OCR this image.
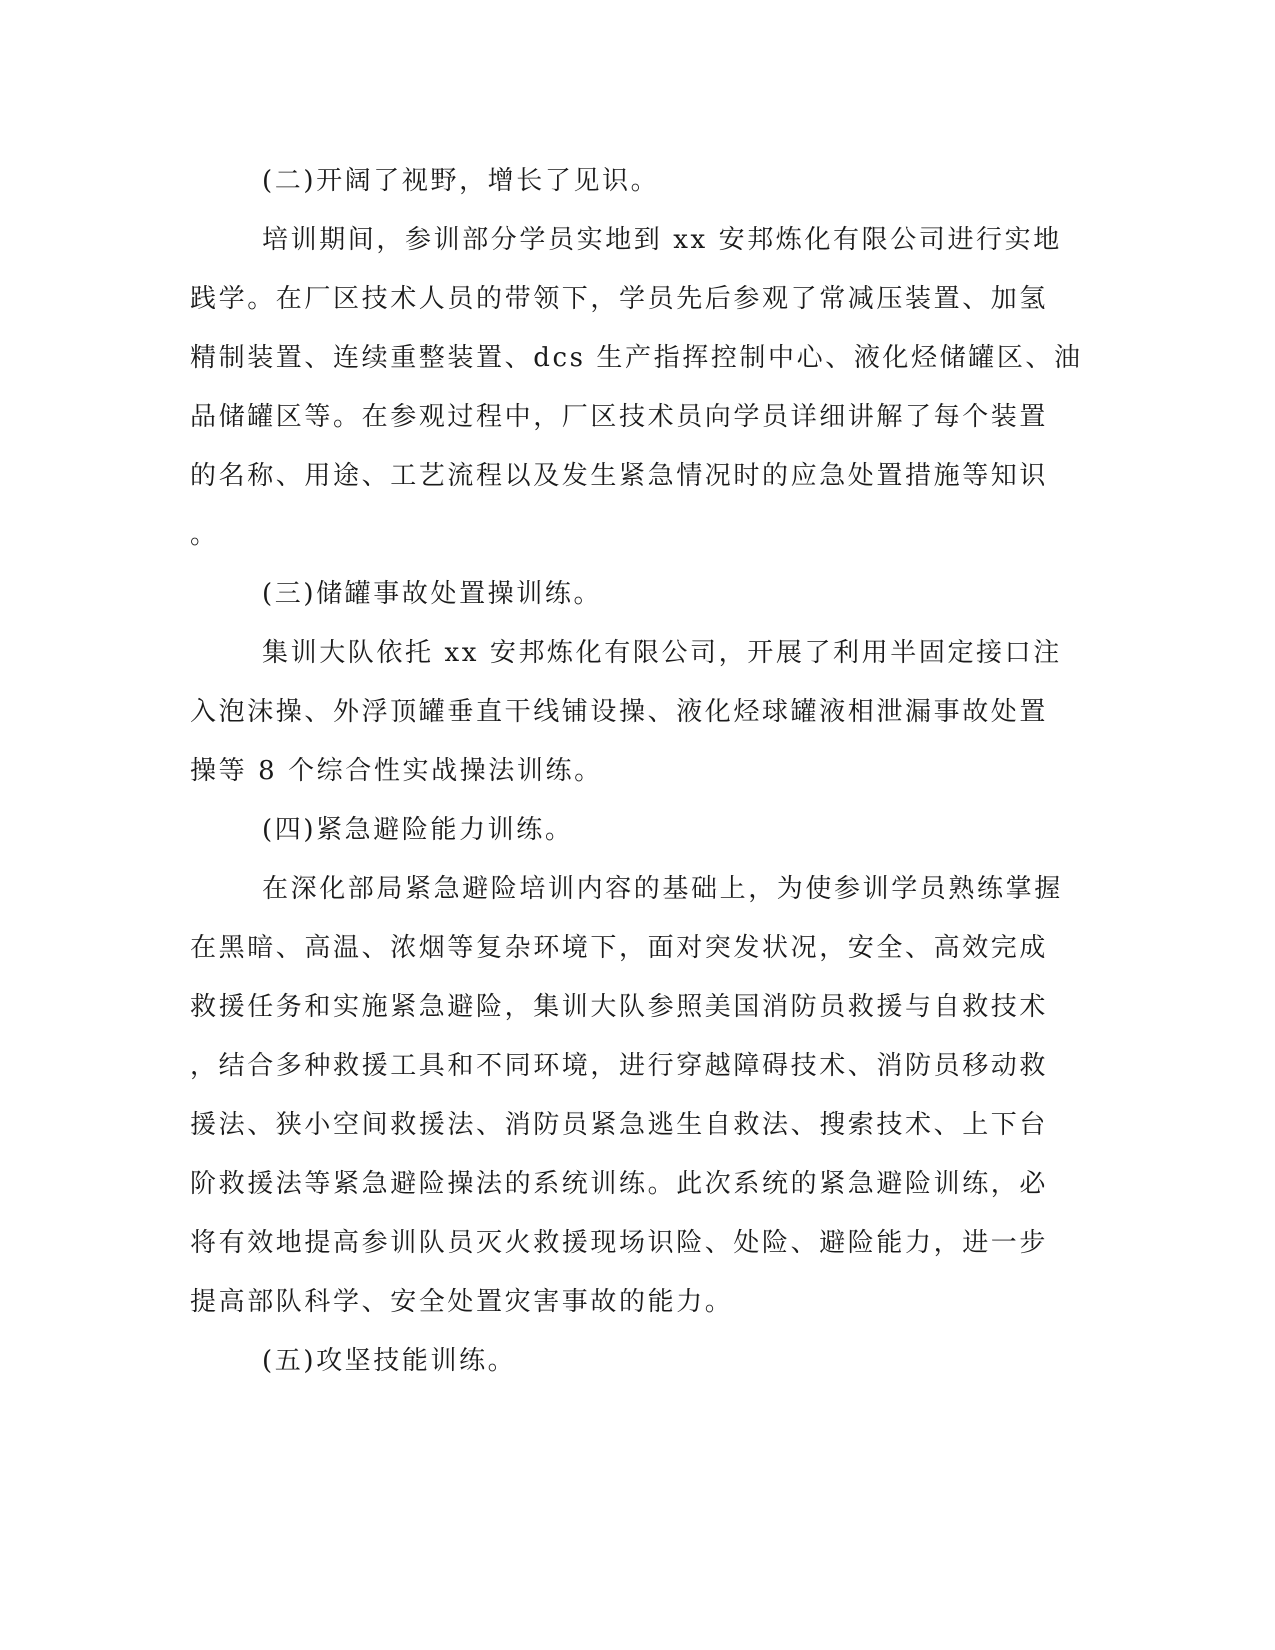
(二)开阔了视野，增长了见识。
培训期间，参训部分学员实地到 xx 安邦炼化有限公司进行实地
践学。在厂区技术人员的带领下，学员先后参观了常减压装置、加氢
精制装置、连续重整装置、dcs 生产指挥控制中心、液化烃储罐区、油
品储罐区等。在参观过程中，厂区技术员向学员详细讲解了每个装置
的名称、用途、工艺流程以及发生紧急情况时的应急处置措施等知识
。
(三)储罐事故处置操训练。
集训大队依托 xx 安邦炼化有限公司，开展了利用半固定接口注
入泡沫操、外浮顶罐垂直干线铺设操、液化烃球罐液相泄漏事故处置
操等 8 个综合性实战操法训练。
(四)紧急避险能力训练。
在深化部局紧急避险培训内容的基础上，为使参训学员熟练掌握
在黑暗、高温、浓烟等复杂环境下，面对突发状况，安全、高效完成
救援任务和实施紧急避险，集训大队参照美国消防员救援与自救技术
，结合多种救援工具和不同环境，进行穿越障碍技术、消防员移动救
援法、狭小空间救援法、消防员紧急逃生自救法、搜索技术、上下台
阶救援法等紧急避险操法的系统训练。此次系统的紧急避险训练，必
将有效地提高参训队员灭火救援现场识险、处险、避险能力，进一步
提高部队科学、安全处置灾害事故的能力。
(五)攻坚技能训练。
